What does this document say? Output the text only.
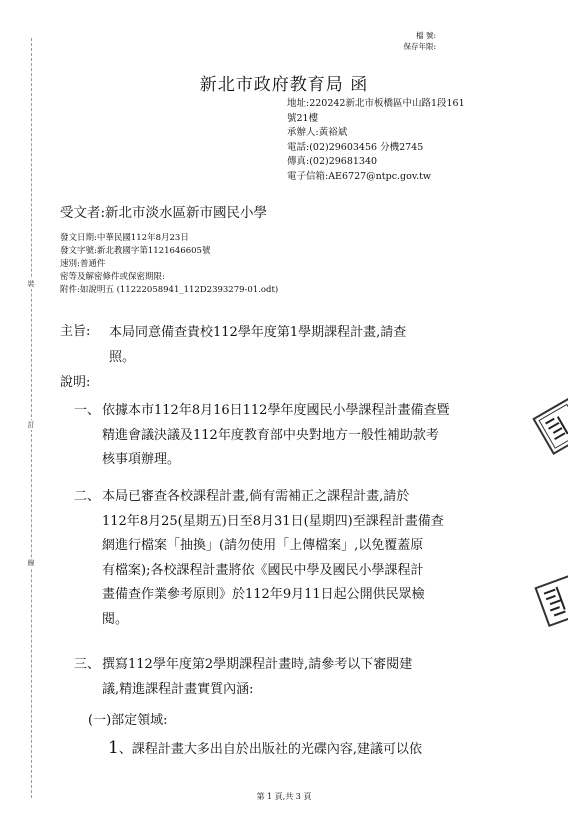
裝
訂
線
檔 號:
保存年限:
新北市政府教育局 函
地址:220242新北市板橋區中山路1段161
號21樓
承辦人:黃裕斌
電話:(02)29603456 分機2745
傳真:(02)29681340
電子信箱:AE6727@ntpc.gov.tw
受文者:新北市淡水區新市國民小學
發文日期:中華民國112年8月23日
發文字號:新北教國字第1121646605號
速別:普通件
密等及解密條件或保密期限:
附件:如說明五 (11222058941_112D2393279-01.odt)
主旨: 本局同意備查貴校112學年度第1學期課程計畫,請查
照。
說明:
一、 依據本市112年8月16日112學年度國民小學課程計畫備查暨
精進會議決議及112年度教育部中央對地方一般性補助款考
核事項辦理。
二、 本局已審查各校課程計畫,倘有需補正之課程計畫,請於
112年8月25(星期五)日至8月31日(星期四)至課程計畫備查
網進行檔案「抽換」(請勿使用「上傳檔案」,以免覆蓋原
有檔案);各校課程計畫將依《國民中學及國民小學課程計
畫備查作業參考原則》於112年9月11日起公開供民眾檢
閱。
三、 撰寫112學年度第2學期課程計畫時,請參考以下審閱建
議,精進課程計畫實質內涵:
(一)部定領域:
1、課程計畫大多出自於出版社的光碟內容,建議可以依
第 1 頁,共 3 頁
